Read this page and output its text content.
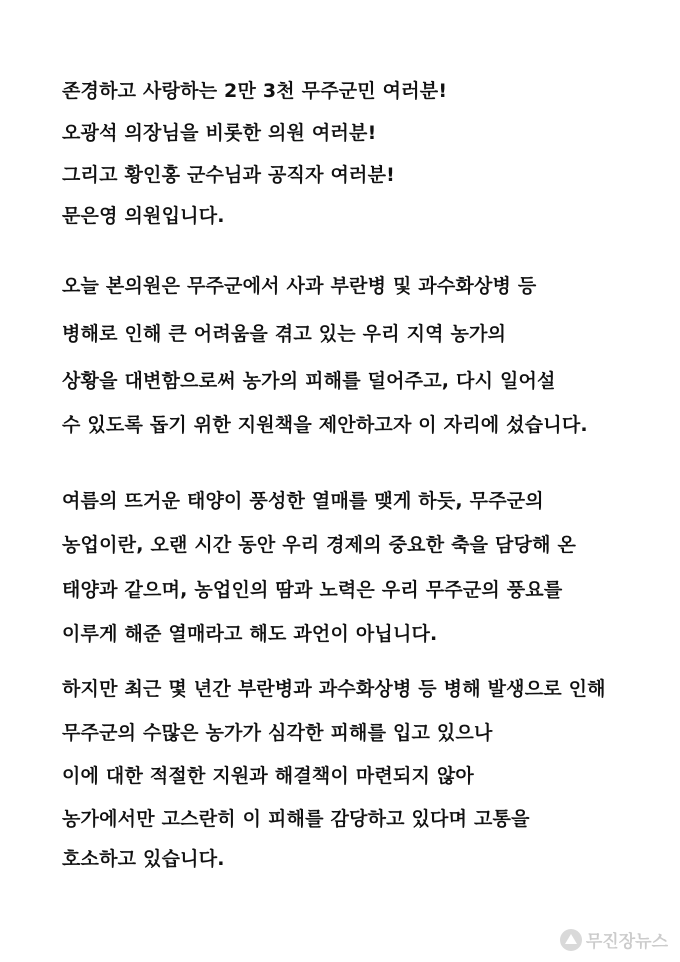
존경하고 사랑하는 2만 3천 무주군민 여러분!
오광석 의장님을 비롯한 의원 여러분!
그리고 황인홍 군수님과 공직자 여러분!
문은영 의원입니다.
오늘 본의원은 무주군에서 사과 부란병 및 과수화상병 등
병해로 인해 큰 어려움을 겪고 있는 우리 지역 농가의
상황을 대변함으로써 농가의 피해를 덜어주고, 다시 일어설
수 있도록 돕기 위한 지원책을 제안하고자 이 자리에 섰습니다.
여름의 뜨거운 태양이 풍성한 열매를 맺게 하듯, 무주군의
농업이란, 오랜 시간 동안 우리 경제의 중요한 축을 담당해 온
태양과 같으며, 농업인의 땀과 노력은 우리 무주군의 풍요를
이루게 해준 열매라고 해도 과언이 아닙니다.
하지만 최근 몇 년간 부란병과 과수화상병 등 병해 발생으로 인해
무주군의 수많은 농가가 심각한 피해를 입고 있으나
이에 대한 적절한 지원과 해결책이 마련되지 않아
농가에서만 고스란히 이 피해를 감당하고 있다며 고통을
호소하고 있습니다.
무진장뉴스
